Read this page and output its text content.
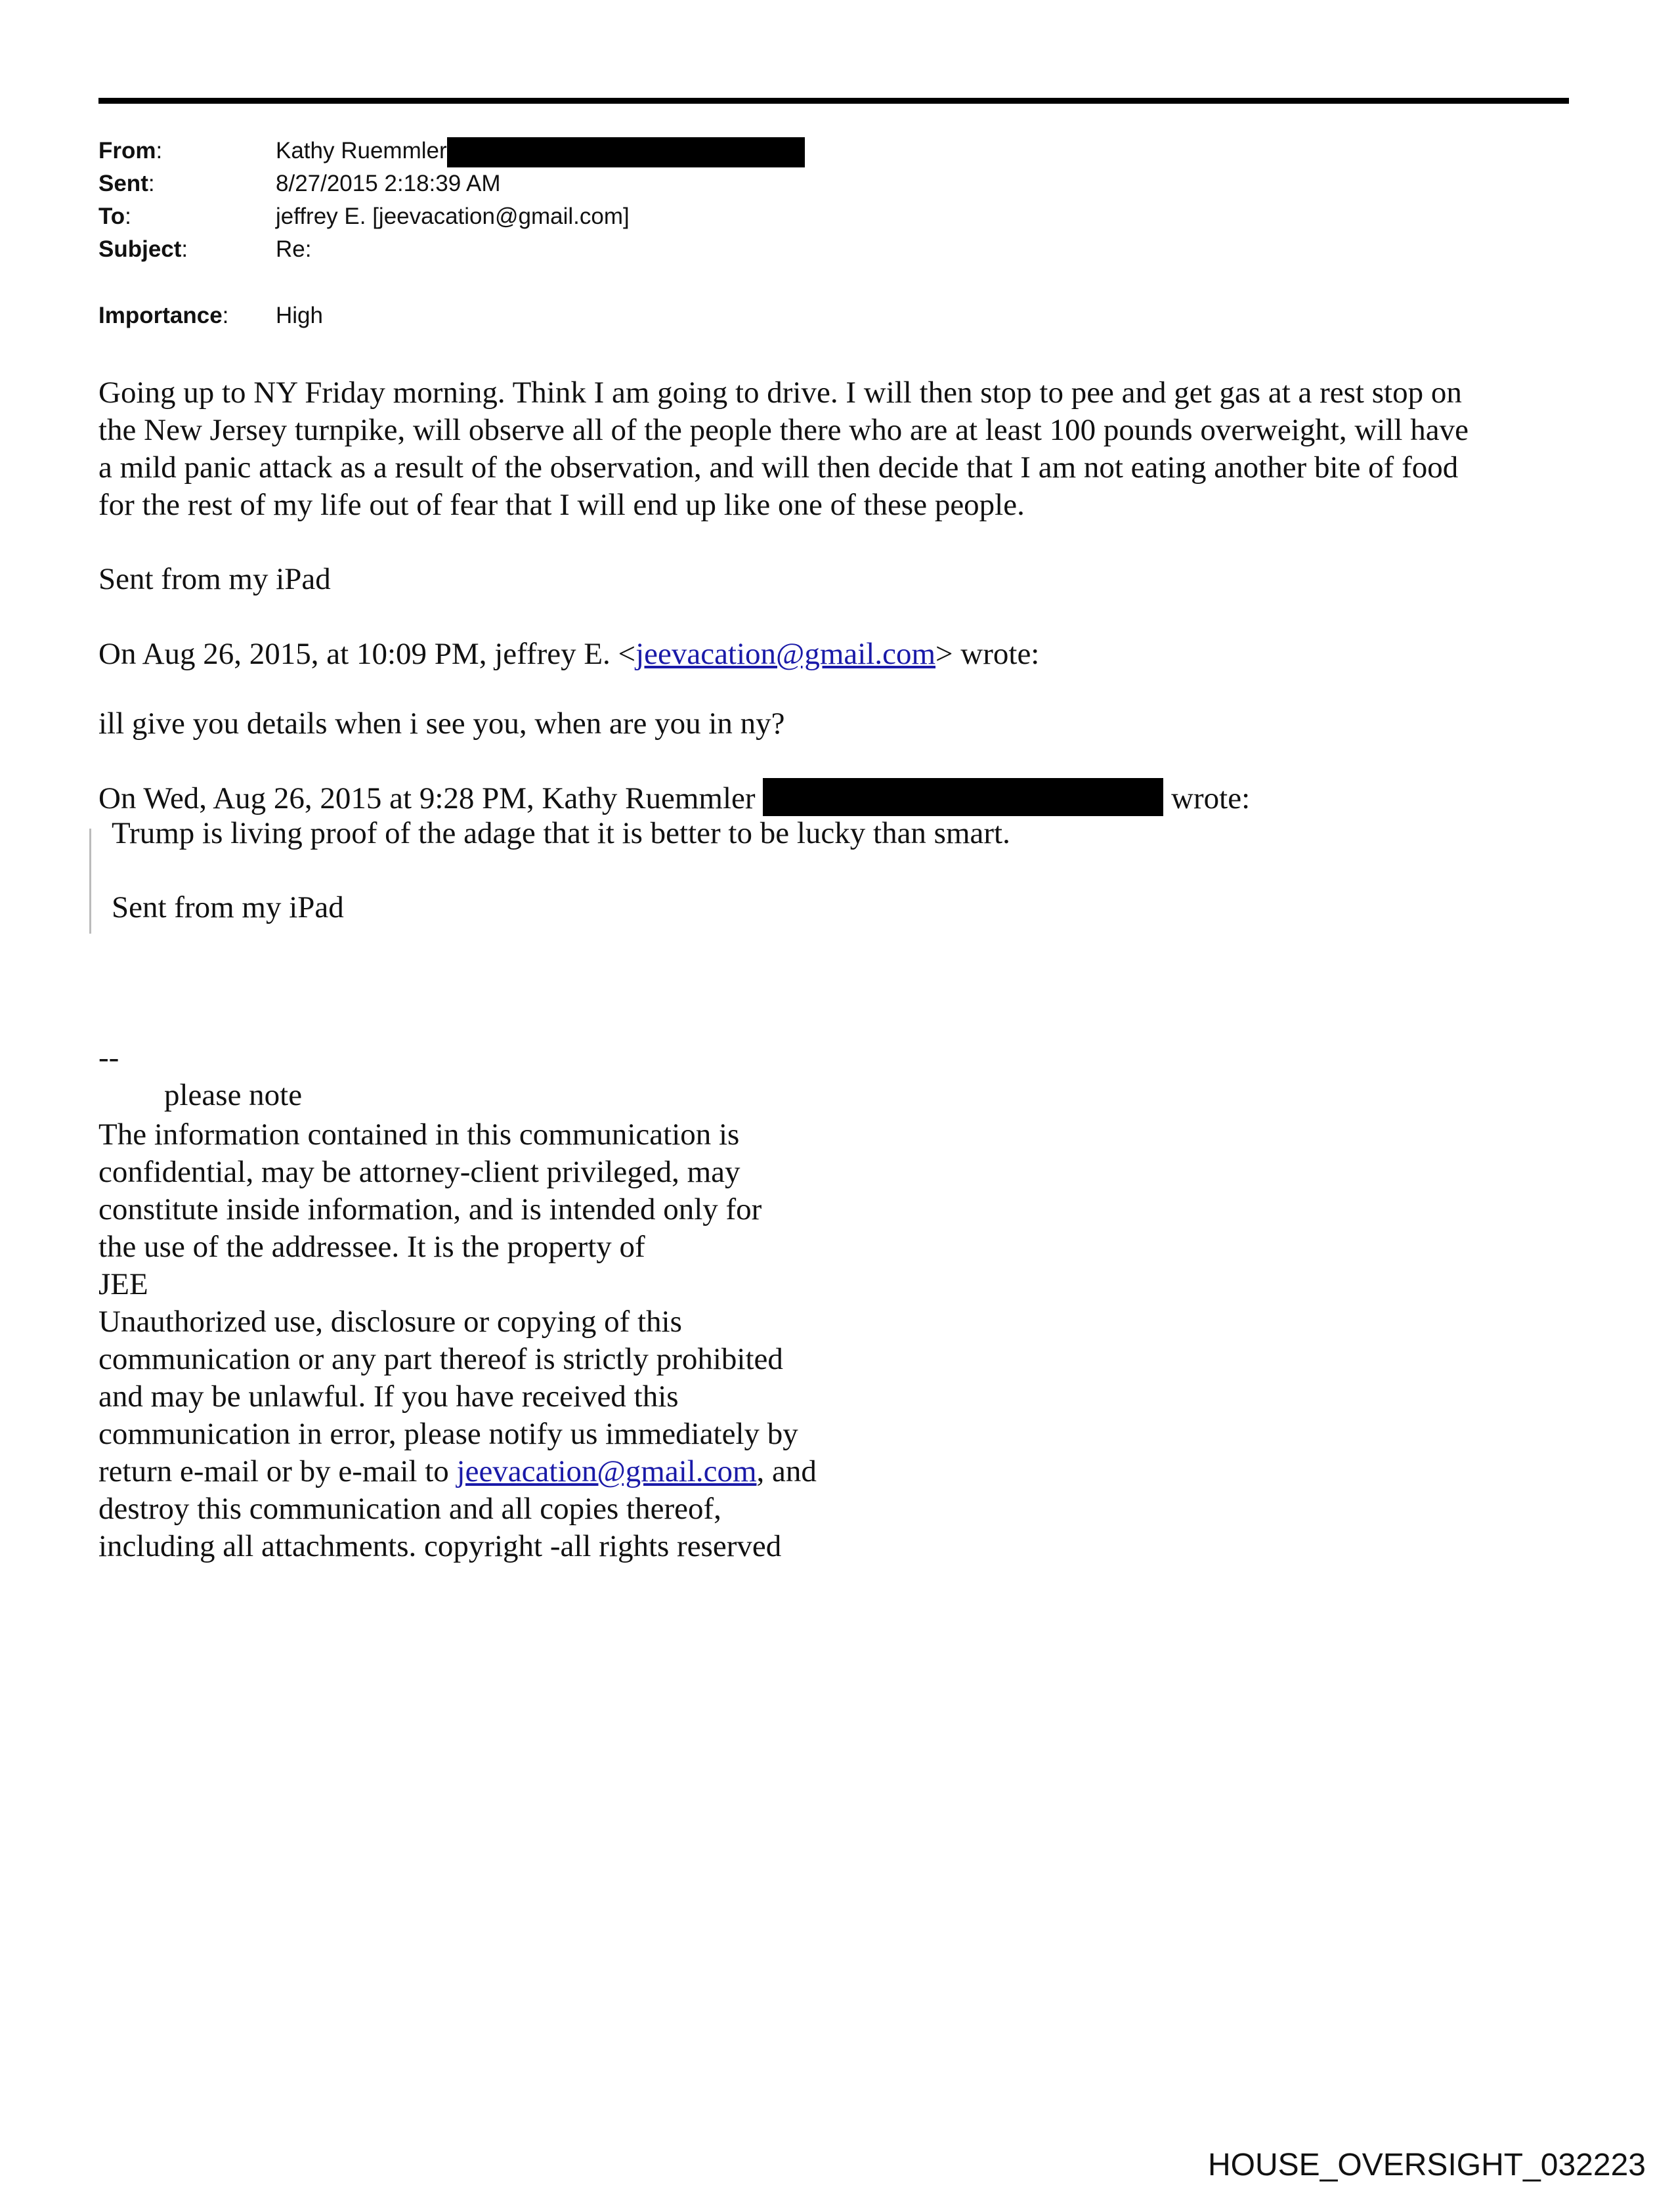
From:	Kathy Ruemmler
Sent:	8/27/2015 2:18:39 AM
To:	jeffrey E. [jeevacation@gmail.com]
Subject:	Re:
Importance: High
Going up to NY Friday morning. Think I am going to drive. I will then stop to pee and get gas at a rest stop on
the New Jersey turnpike, will observe all of the people there who are at least 100 pounds overweight, will have
a mild panic attack as a result of the observation, and will then decide that I am not eating another bite of food
for the rest of my life out of fear that I will end up like one of these people.
Sent from my iPad
On Aug 26, 2015, at 10:09 PM, jeffrey E. <jeevacation@gmail.com> wrote:
ill give you details when i see you, when are you in ny?
On Wed, Aug 26, 2015 at 9:28 PM, Kathy Ruemmler	wrote:
Trump is living proof of the adage that it is better to be lucky than smart.
Sent from my iPad
--
please note
The information contained in this communication is
confidential, may be attorney-client privileged, may
constitute inside information, and is intended only for
the use of the addressee. It is the property of
JEE
Unauthorized use, disclosure or copying of this
communication or any part thereof is strictly prohibited
and may be unlawful. If you have received this
communication in error, please notify us immediately by
return e-mail or by e-mail to jeevacation@gmail.com, and
destroy this communication and all copies thereof,
including all attachments. copyright -all rights reserved
HOUSE_OVERSIGHT_032223
